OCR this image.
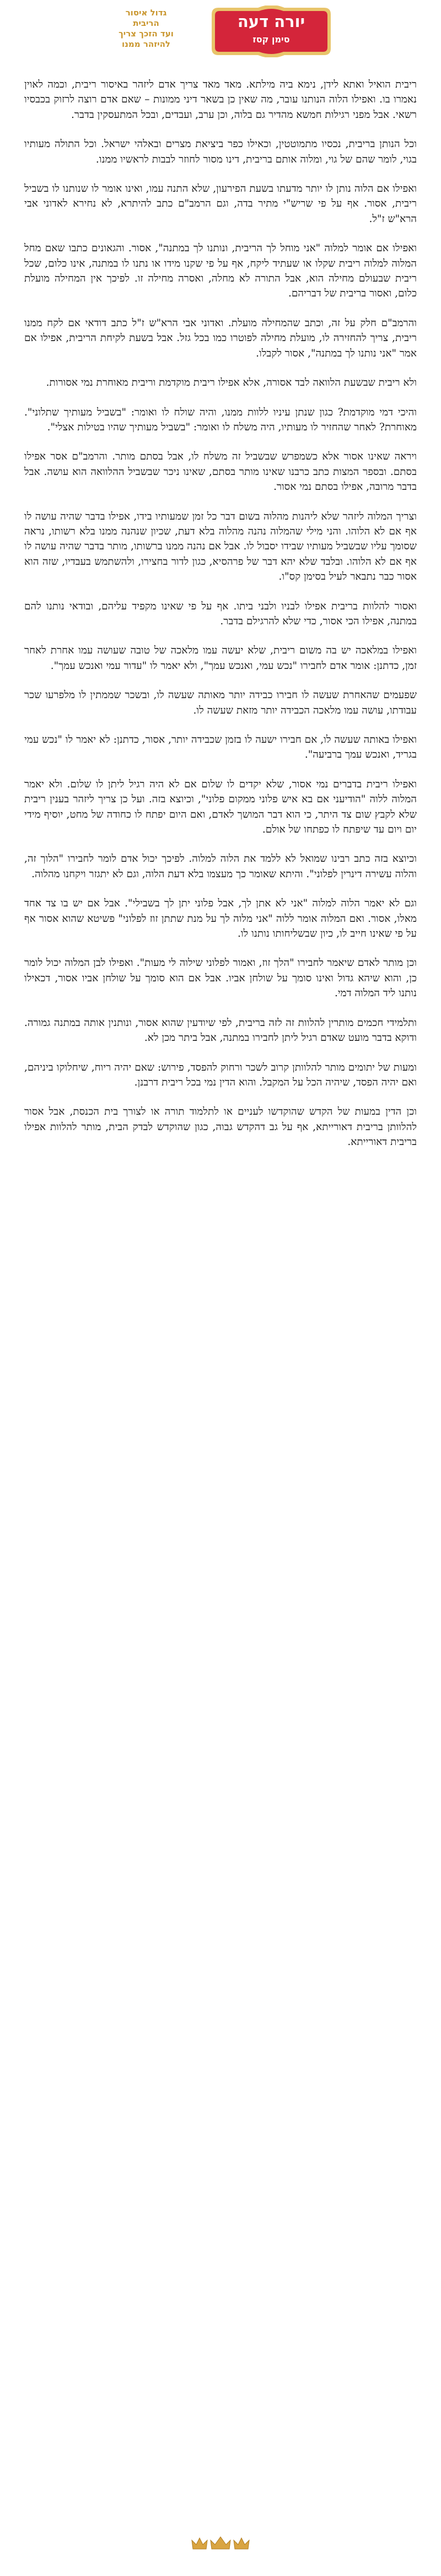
גדול איסור
הריבית
ועד הזכך צריך
להיזהר ממנו
יורה דעה
סימן קסז

ריבית הואיל ואתא לידן, נימא ביה מילתא. מאד מאד צריך אדם ליזהר באיסור ריבית, וכמה לאוין נאמרו בו. ואפילו הלוה הנותנו עובר, מה שאין כן בשאר דיני ממונות – שאם אדם רוצה לרזוק בכבסיו רשאי. אבל מפני רגילות חמשא מהדיר גם בלוה, וכן ערב, ועבדים, ובכל המתעסקין בדבר.

וכל הנותן בריבית, נכסיו מתמוטטין, וכאילו כפר ביציאת מצרים ובאלהי ישראל. וכל התולה מעותיו בגוי, לומר שהם של גוי, ומלוה אותם בריבית, דינו מסור לחוזר לבבות לראשיו ממנו.

ואפילו אם הלוה נותן לו יותר מדעתו בשעת הפירעון, שלא התנה עמו, ואינו אומר לו שנותנו לו בשביל ריבית, אסור. אף על פי שריש"י מתיר בדה, וגם הרמב"ם כתב להיתרא, לא נחירא לאדוני אבי הרא"ש ז"ל.

ואפילו אם אומר למלוה "אני מוחל לך הריבית, ונותנו לך במתנה", אסור. והגאונים כתבו שאם מחל המלוה למלוה ריבית שקלו או שעתיד ליקח, אף על פי שקנו מידו או נתנו לו במתנה, אינו כלום, שכל ריבית שבעולם מחילה הוא, אבל התורה לא מחלה, ואסרה מחילה זו. לפיכך אין המחילה מועלת כלום, ואסור בריבית של דבריהם.

והרמב"ם חלק על זה, וכתב שהמחילה מועלת. ואדוני אבי הרא"ש ז"ל כתב דודאי אם לקח ממנו ריבית, צריך להחזירה לו, מועלת מחילה לפוטרו כמו בכל גזל. אבל בשעת לקיחת הריבית, אפילו אם אמר "אני נותנו לך במתנה", אסור לקבלו.

ולא ריבית שבשעת הלוואה לבד אסורה, אלא אפילו ריבית מוקדמת וריבית מאוחרת נמי אסורות.

והיכי דמי מוקדמת? כגון שנתן עיניו ללוות ממנו, והיה שולח לו ואומר: "בשביל מעותיך שתלוני". מאוחרת? לאחר שהחזיר לו מעותיו, היה משלח לו ואומר: "בשביל מעותיך שהיו בטילות אצלי".

ויראה שאינו אסור אלא כשמפרש שבשביל זה משלח לו, אבל בסתם מותר. והרמב"ם אסר אפילו בסתם. ובספר המצות כתב כרבנו שאינו מותר בסתם, שאינו ניכר שבשביל ההלוואה הוא עושה. אבל בדבר מרובה, אפילו בסתם נמי אסור.

וצריך המלוה ליזהר שלא ליהנות מהלוה בשום דבר כל זמן שמעותיו בידו, אפילו בדבר שהיה עושה לו אף אם לא הלוהו. והני מילי שהמלוה נהנה מהלוה בלא דעת, שכיון שנהנה ממנו בלא רשותו, נראה שסומך עליו שבשביל מעותיו שבידו יסבול לו. אבל אם נהנה ממנו ברשותו, מותר בדבר שהיה עושה לו אף אם לא הלוהו. ובלבד שלא יהא דבר של פרהסיא, כגון לדור בחצירו, ולהשתמש בעבדיו, שזה הוא אסור כבר נתבאר לעיל בסימן קס"ו.

ואסור להלוות בריבית אפילו לבניו ולבני ביתו. אף על פי שאינו מקפיד עליהם, ובודאי נותנו להם במתנה, אפילו הכי אסור, כדי שלא להרגילם בדבר.

ואפילו במלאכה יש בה משום ריבית, שלא יעשה עמו מלאכה של טובה שעושה עמו אחרת לאחר זמן, כדתנן: אומר אדם לחבירו "נכש עמי, ואנכש עמך", ולא יאמר לו "עדור עמי ואנכש עמך".

שפעמים שהאחרת שעשה לו חבירו כבידה יותר מאותה שעשה לו, ובשכר שממתין לו מלפרעו שכר עבודתו, עושה עמו מלאכה הכבידה יותר מזאת שעשה לו.

ואפילו באותה שעשה לו, אם חבירו ישעה לו בזמן שכבידה יותר, אסור, כדתנן: לא יאמר לו "נכש עמי בגריד, ואנכש עמך ברביעה".

ואפילו ריבית בדברים נמי אסור, שלא יקדים לו שלום אם לא היה רגיל ליתן לו שלום. ולא יאמר המלוה ללוה "הודיעני אם בא איש פלוני ממקום פלוני", וכיוצא בזה. ועל כן צריך ליזהר בענין ריבית שלא לקבץ שום צד היתר, כי הוא דבר המושך לאדם, ואם היום יפתח לו כחודה של מחט, יוסיף מידי יום ויום עד שיפתח לו כפתחו של אולם.

וכיוצא בזה כתב רבינו שמואל לא ללמד את הלוה למלוה. לפיכך יכול אדם לומר לחבירו "הלוך זה, והלוה עשירה דינרין לפלוני". והיתא שאומר כך מעצמו בלא דעת הלוה, וגם לא יתגזר ויקחנו מהלוה.

וגם לא יאמר הלוה למלוה "אני לא אתן לך, אבל פלוני יתן לך בשבילי". אבל אם יש בו צד אחד מאלו, אסור. ואם המלוה אומר ללוה "אני מלוה לך על מנת שתתן זוז לפלוני" פשיטא שהוא אסור אף על פי שאינו חייב לו, כיון שבשליחותו נותנו לו.

וכן מותר לאדם שיאמר לחבירו "הלך זוז, ואמור לפלוני שילוה לי מעות". ואפילו לבן המלוה יכול לומר כן, והוא שיהא גדול ואינו סומך על שולחן אביו. אבל אם הוא סומך על שולחן אביו אסור, דכאילו נותנו ליד המלוה דמי.

ותלמידי חכמים מותרין להלוות זה לזה בריבית, לפי שיודעין שהוא אסור, ונותנין אותה במתנה גמורה. ודוקא בדבר מועט שאדם רגיל ליתן לחבירו במתנה, אבל ביתר מכן לא.

ומעות של יתומים מותר להלוותן קרוב לשכר ורחוק להפסד, פירוש: שאם יהיה ריוח, שיחלוקו ביניהם, ואם יהיה הפסד, שיהיה הכל על המקבל. והוא הדין נמי בכל ריבית דרבנן.

וכן הדין במעות של הקדש שהוקדשו לעניים או לתלמוד תורה או לצורך בית הכנסת, אבל אסור להלוותן בריבית דאורייתא, אף על גב דהקדש גבוה, כגון שהוקדש לבדק הבית, מותר להלוות אפילו בריבית דאורייתא.
